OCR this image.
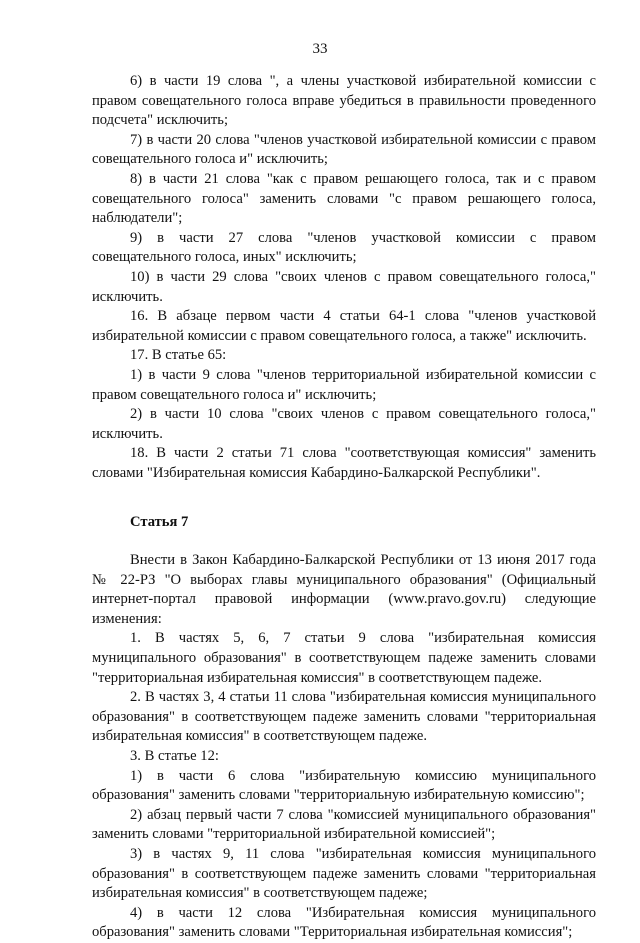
33

6) в части 19 слова ", а члены участковой избирательной комиссии с правом совещательного голоса вправе убедиться в правильности проведенного подсчета" исключить;

7) в части 20 слова "членов участковой избирательной комиссии с правом совещательного голоса и" исключить;

8) в части 21 слова "как с правом решающего голоса, так и с правом совещательного голоса" заменить словами "с правом решающего голоса, наблюдатели";

9) в части 27 слова "членов участковой комиссии с правом совещательного голоса, иных" исключить;

10) в части 29 слова "своих членов с правом совещательного голоса," исключить.

16. В абзаце первом части 4 статьи 64-1 слова "членов участковой избирательной комиссии с правом совещательного голоса, а также" исключить.

17. В статье 65:

1) в части 9 слова "членов территориальной избирательной комиссии с правом совещательного голоса и" исключить;

2) в части 10 слова "своих членов с правом совещательного голоса," исключить.

18. В части 2 статьи 71 слова "соответствующая комиссия" заменить словами "Избирательная комиссия Кабардино-Балкарской Республики".

Статья 7

Внести в Закон Кабардино-Балкарской Республики от 13 июня 2017 года № 22-РЗ "О выборах главы муниципального образования" (Официальный интернет-портал правовой информации (www.pravo.gov.ru) следующие изменения:

1. В частях 5, 6, 7 статьи 9 слова "избирательная комиссия муниципального образования" в соответствующем падеже заменить словами "территориальная избирательная комиссия" в соответствующем падеже.

2. В частях 3, 4 статьи 11 слова "избирательная комиссия муниципального образования" в соответствующем падеже заменить словами "территориальная избирательная комиссия" в соответствующем падеже.

3. В статье 12:

1) в части 6 слова "избирательную комиссию муниципального образования" заменить словами "территориальную избирательную комиссию";

2) абзац первый части 7 слова "комиссией муниципального образования" заменить словами "территориальной избирательной комиссией";

3) в частях 9, 11 слова "избирательная комиссия муниципального образования" в соответствующем падеже заменить словами "территориальная избирательная комиссия" в соответствующем падеже;

4) в части 12 слова "Избирательная комиссия муниципального образования" заменить словами "Территориальная избирательная комиссия";
